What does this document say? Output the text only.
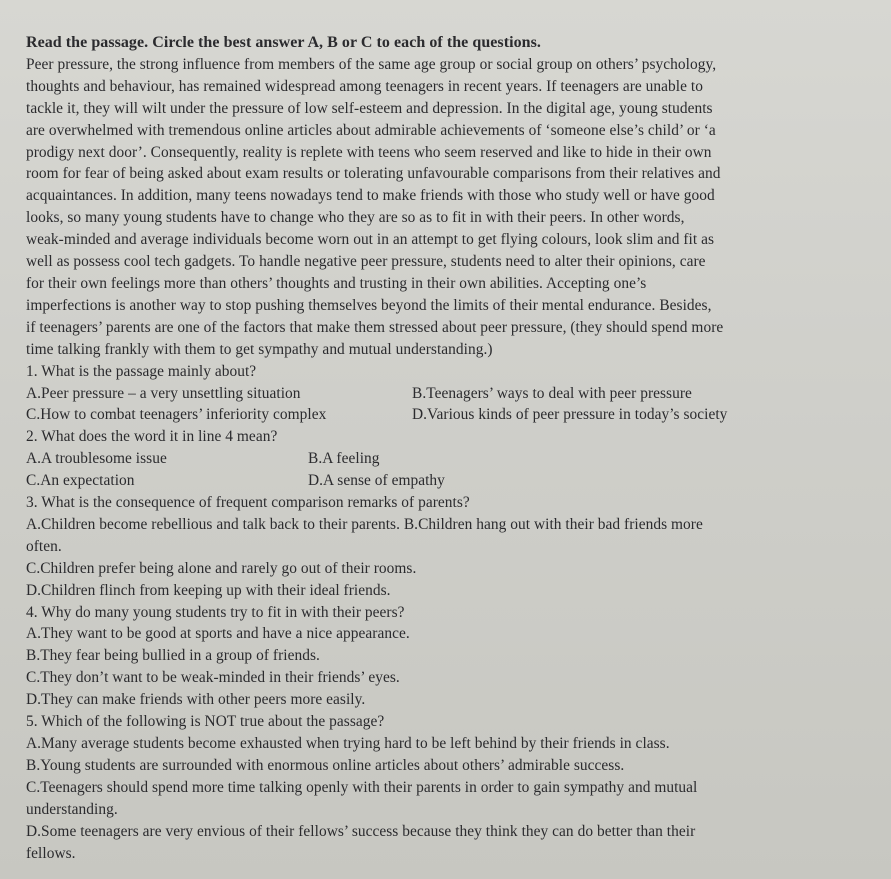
Read the passage. Circle the best answer A, B or C to each of the questions.
Peer pressure, the strong influence from members of the same age group or social group on others’ psychology,
thoughts and behaviour, has remained widespread among teenagers in recent years. If teenagers are unable to
tackle it, they will wilt under the pressure of low self-esteem and depression. In the digital age, young students
are overwhelmed with tremendous online articles about admirable achievements of ‘someone else’s child’ or ‘a
prodigy next door’. Consequently, reality is replete with teens who seem reserved and like to hide in their own
room for fear of being asked about exam results or tolerating unfavourable comparisons from their relatives and
acquaintances. In addition, many teens nowadays tend to make friends with those who study well or have good
looks, so many young students have to change who they are so as to fit in with their peers. In other words,
weak-minded and average individuals become worn out in an attempt to get flying colours, look slim and fit as
well as possess cool tech gadgets. To handle negative peer pressure, students need to alter their opinions, care
for their own feelings more than others’ thoughts and trusting in their own abilities. Accepting one’s
imperfections is another way to stop pushing themselves beyond the limits of their mental endurance. Besides,
if teenagers’ parents are one of the factors that make them stressed about peer pressure, (they should spend more
time talking frankly with them to get sympathy and mutual understanding.)
1. What is the passage mainly about?
A.Peer pressure – a very unsettling situation	B.Teenagers’ ways to deal with peer pressure
C.How to combat teenagers’ inferiority complex	D.Various kinds of peer pressure in today’s society
2. What does the word it in line 4 mean?
A.A troublesome issue	B.A feeling
C.An expectation	D.A sense of empathy
3. What is the consequence of frequent comparison remarks of parents?
A.Children become rebellious and talk back to their parents. B.Children hang out with their bad friends more
often.
C.Children prefer being alone and rarely go out of their rooms.
D.Children flinch from keeping up with their ideal friends.
4. Why do many young students try to fit in with their peers?
A.They want to be good at sports and have a nice appearance.
B.They fear being bullied in a group of friends.
C.They don’t want to be weak-minded in their friends’ eyes.
D.They can make friends with other peers more easily.
5. Which of the following is NOT true about the passage?
A.Many average students become exhausted when trying hard to be left behind by their friends in class.
B.Young students are surrounded with enormous online articles about others’ admirable success.
C.Teenagers should spend more time talking openly with their parents in order to gain sympathy and mutual
understanding.
D.Some teenagers are very envious of their fellows’ success because they think they can do better than their
fellows.
